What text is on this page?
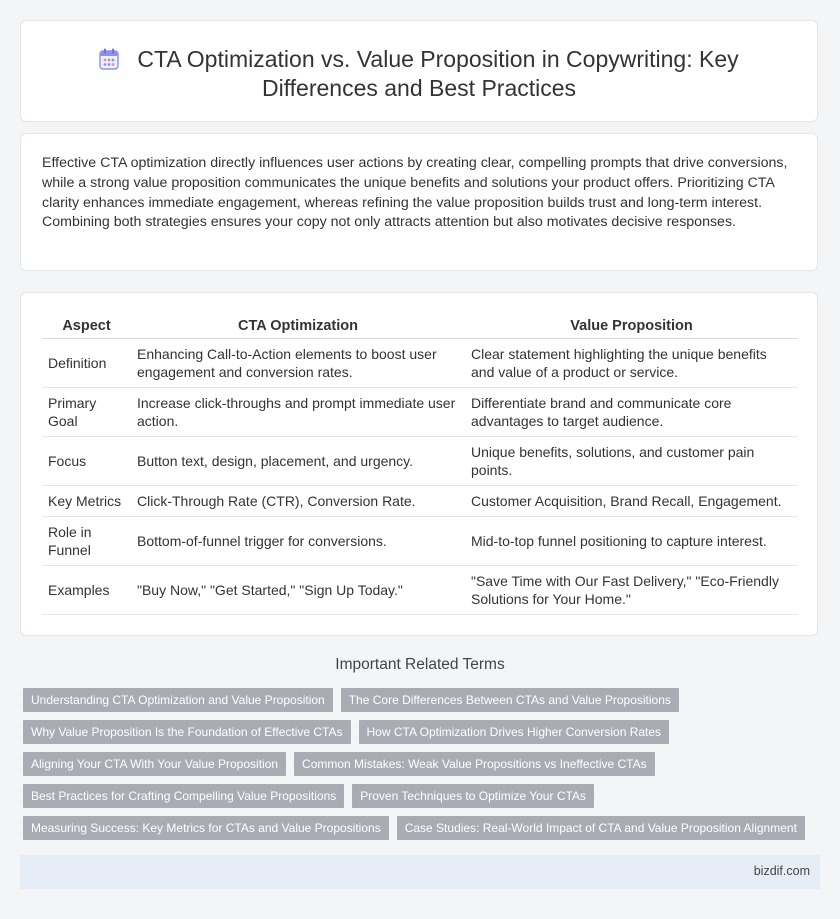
CTA Optimization vs. Value Proposition in Copywriting: Key
Differences and Best Practices

Effective CTA optimization directly influences user actions by creating clear, compelling prompts that drive conversions, while a strong value proposition communicates the unique benefits and solutions your product offers. Prioritizing CTA clarity enhances immediate engagement, whereas refining the value proposition builds trust and long-term interest. Combining both strategies ensures your copy not only attracts attention but also motivates decisive responses.

Aspect	CTA Optimization	Value Proposition
Definition	Enhancing Call-to-Action elements to boost user engagement and conversion rates.	Clear statement highlighting the unique benefits and value of a product or service.
Primary Goal	Increase click-throughs and prompt immediate user action.	Differentiate brand and communicate core advantages to target audience.
Focus	Button text, design, placement, and urgency.	Unique benefits, solutions, and customer pain points.
Key Metrics	Click-Through Rate (CTR), Conversion Rate.	Customer Acquisition, Brand Recall, Engagement.
Role in Funnel	Bottom-of-funnel trigger for conversions.	Mid-to-top funnel positioning to capture interest.
Examples	"Buy Now," "Get Started," "Sign Up Today."	"Save Time with Our Fast Delivery," "Eco-Friendly Solutions for Your Home."
Important Related Terms
Understanding CTA Optimization and Value Proposition	The Core Differences Between CTAs and Value Propositions
Why Value Proposition Is the Foundation of Effective CTAs	How CTA Optimization Drives Higher Conversion Rates
Aligning Your CTA With Your Value Proposition	Common Mistakes: Weak Value Propositions vs Ineffective CTAs
Best Practices for Crafting Compelling Value Propositions	Proven Techniques to Optimize Your CTAs
Measuring Success: Key Metrics for CTAs and Value Propositions	Case Studies: Real-World Impact of CTA and Value Proposition Alignment
bizdif.com
